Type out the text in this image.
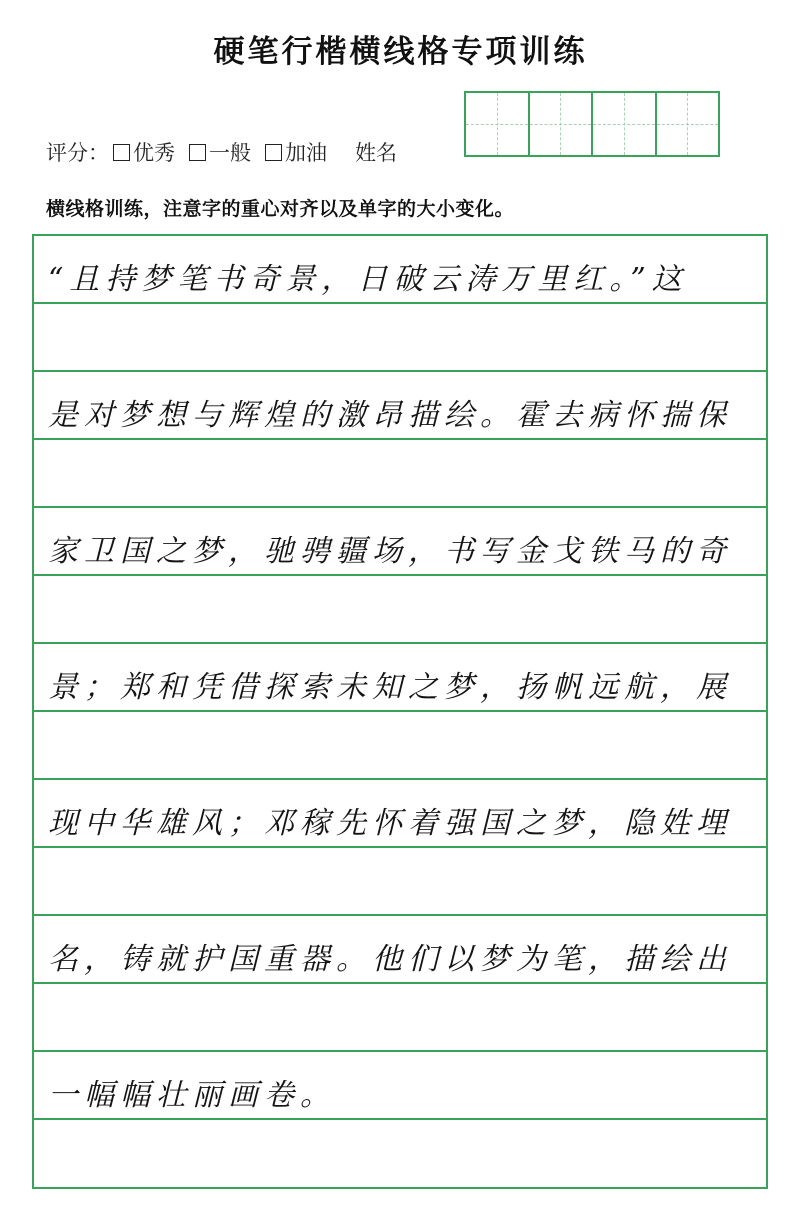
硬笔行楷横线格专项训练
评分： 优秀 一般 加油 姓名
横线格训练，注意字的重心对齐以及单字的大小变化。
“且持梦笔书奇景，日破云涛万里红。”这
是对梦想与辉煌的激昂描绘。霍去病怀揣保
家卫国之梦，驰骋疆场，书写金戈铁马的奇
景；郑和凭借探索未知之梦，扬帆远航，展
现中华雄风；邓稼先怀着强国之梦，隐姓埋
名，铸就护国重器。他们以梦为笔，描绘出
一幅幅壮丽画卷。
